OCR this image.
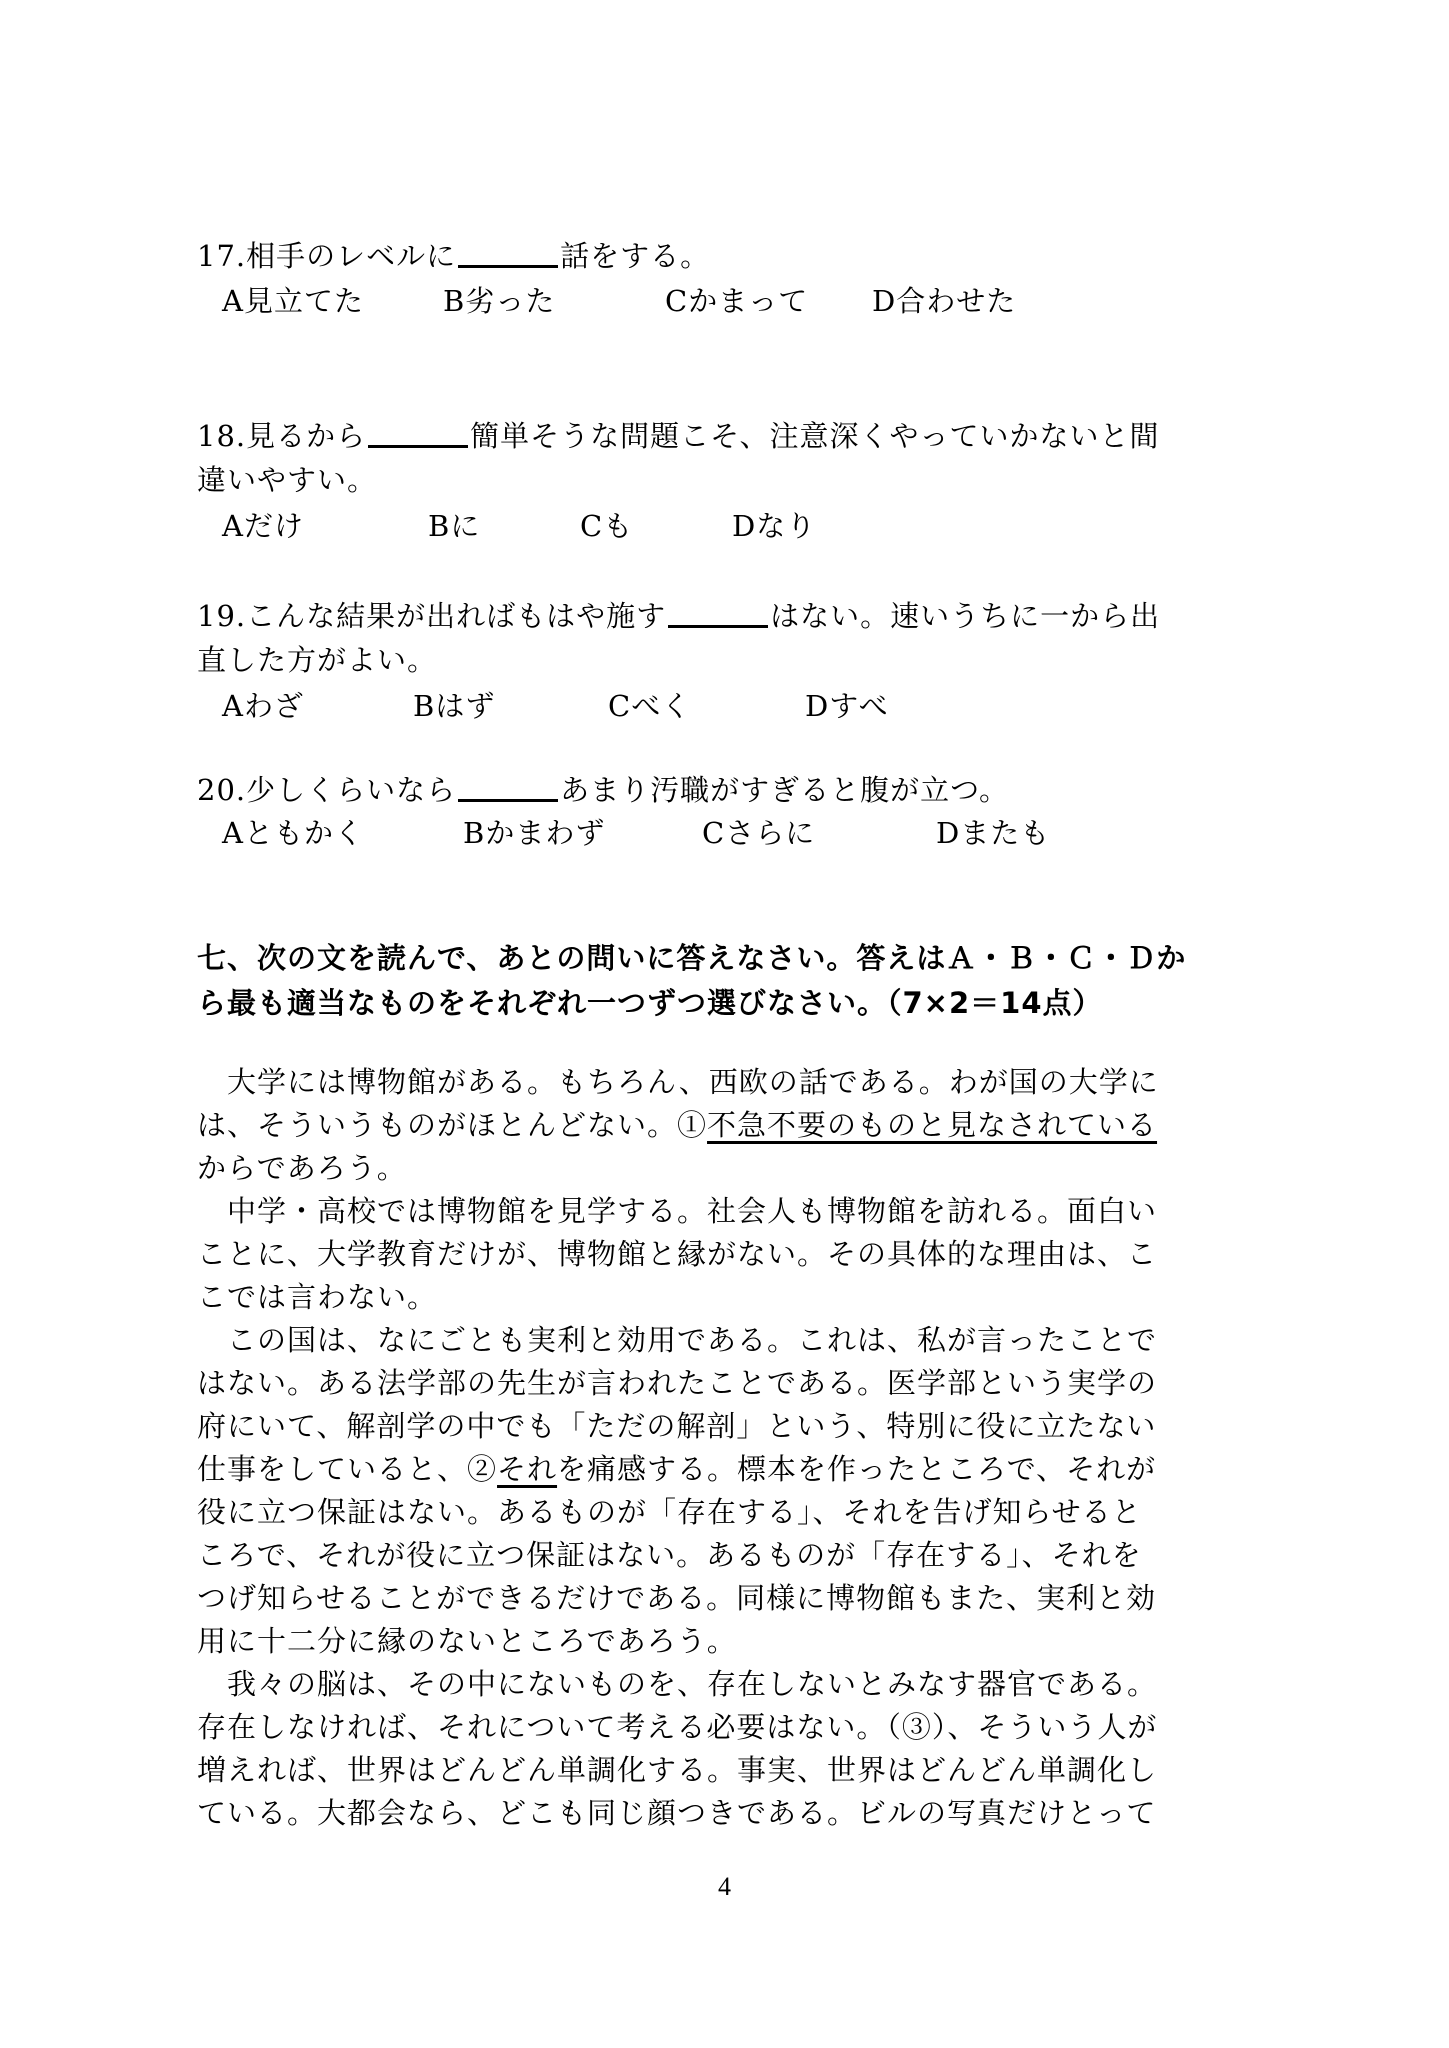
17.相手のレベルに	話をする。
A見立てた	B劣った	Cかまって D合わせた
18.見るから	簡単そうな問題こそ、注意深くやっていかないと間
違いやすい。
Aだけ	Bに	Cも	Dなり
19.こんな結果が出ればもはや施す	はない。速いうちに一から出
直した方がよい。
Aわざ	Bはず	Cべく	Dすべ
20.少しくらいなら	あまり汚職がすぎると腹が立つ。
Aともかく	Bかまわず	Cさらに	Dまたも
七、次の文を読んで、あとの問いに答えなさい。答えはＡ・Ｂ・Ｃ・Ｄか
ら最も適当なものをそれぞれ一つずつ選びなさい。（7×2＝14点）
　大学には博物館がある。もちろん、西欧の話である。わが国の大学に
は、そういうものがほとんどない。①不急不要のものと見なされている
からであろう。
　中学・高校では博物館を見学する。社会人も博物館を訪れる。面白い
ことに、大学教育だけが、博物館と縁がない。その具体的な理由は、こ
こでは言わない。
　この国は、なにごとも実利と効用である。これは、私が言ったことで
はない。ある法学部の先生が言われたことである。医学部という実学の
府にいて、解剖学の中でも「ただの解剖」という、特別に役に立たない
仕事をしていると、②それを痛感する。標本を作ったところで、それが
役に立つ保証はない。あるものが「存在する」、それを告げ知らせると
ころで、それが役に立つ保証はない。あるものが「存在する」、それを
つげ知らせることができるだけである。同様に博物館もまた、実利と効
用に十二分に縁のないところであろう。
　我々の脳は、その中にないものを、存在しないとみなす器官である。
存在しなければ、それについて考える必要はない。（③）、そういう人が
増えれば、世界はどんどん単調化する。事実、世界はどんどん単調化し
ている。大都会なら、どこも同じ顔つきである。ビルの写真だけとって
4
